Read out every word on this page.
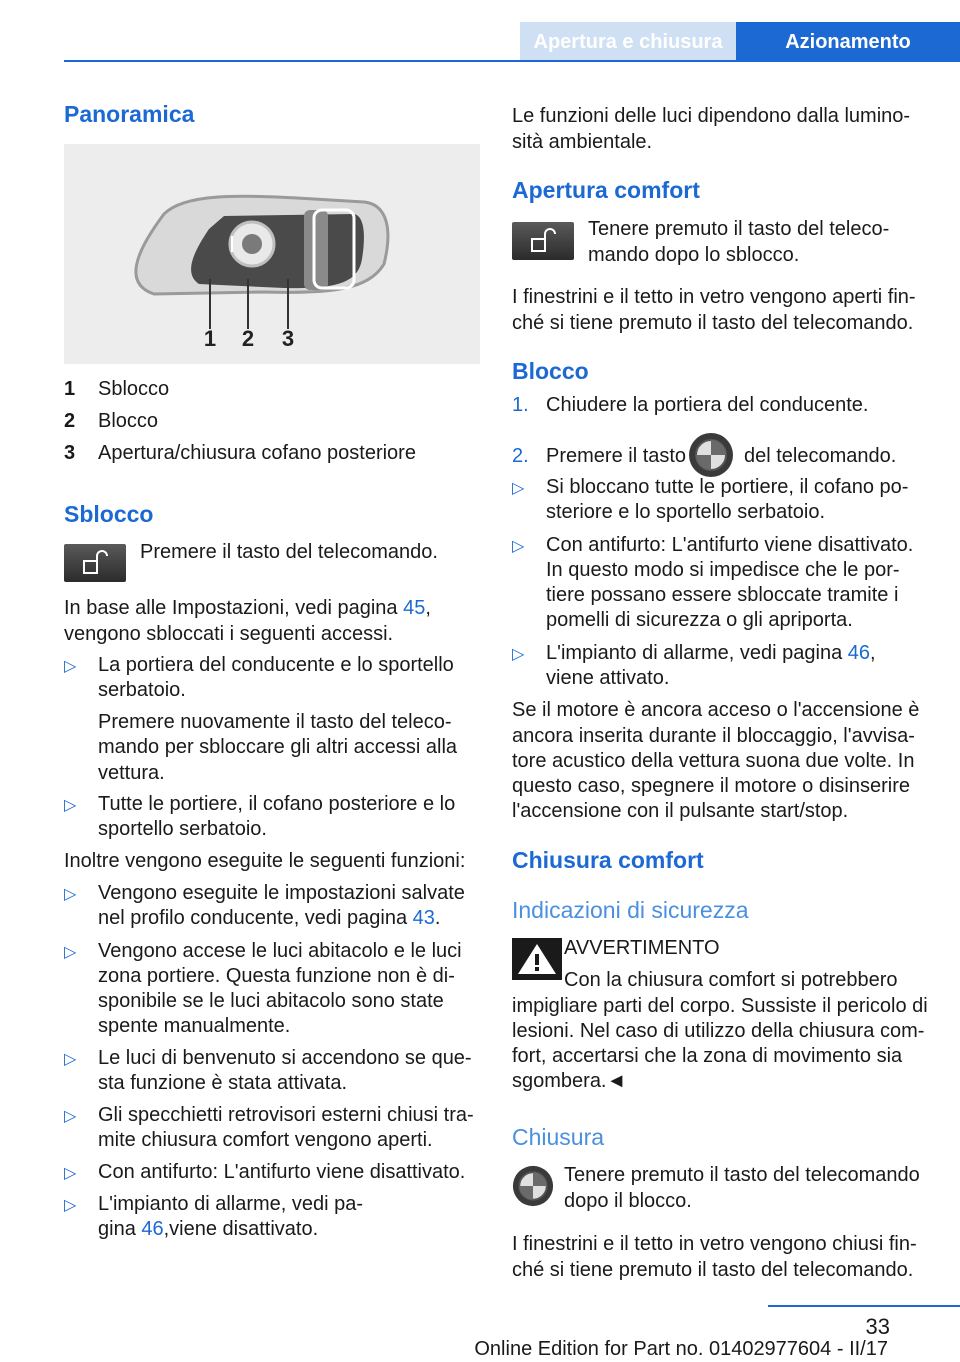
Apertura e chiusura	Azionamento
Panoramica
1 2 3
1 Sblocco
2 Blocco
3 Apertura/chiusura cofano posteriore
Sblocco
Premere il tasto del telecomando.
In base alle Impostazioni, vedi pagina 45,
vengono sbloccati i seguenti accessi.
▷ La portiera del conducente e lo sportello
serbatoio.
Premere nuovamente il tasto del teleco-
mando per sbloccare gli altri accessi alla
vettura.
▷ Tutte le portiere, il cofano posteriore e lo
sportello serbatoio.
Inoltre vengono eseguite le seguenti funzioni:
▷ Vengono eseguite le impostazioni salvate
nel profilo conducente, vedi pagina 43.
▷ Vengono accese le luci abitacolo e le luci
zona portiere. Questa funzione non è di-
sponibile se le luci abitacolo sono state
spente manualmente.
▷ Le luci di benvenuto si accendono se que-
sta funzione è stata attivata.
▷ Gli specchietti retrovisori esterni chiusi tra-
mite chiusura comfort vengono aperti.
▷ Con antifurto: L'antifurto viene disattivato.
▷ L'impianto di allarme, vedi pa-
gina 46,viene disattivato.
Le funzioni delle luci dipendono dalla lumino-
sità ambientale.
Apertura comfort
Tenere premuto il tasto del teleco-
mando dopo lo sblocco.
I finestrini e il tetto in vetro vengono aperti fin-
ché si tiene premuto il tasto del telecomando.
Blocco
1. Chiudere la portiera del conducente.
2. Premere il tasto	del telecomando.
▷ Si bloccano tutte le portiere, il cofano po-
steriore e lo sportello serbatoio.
▷ Con antifurto: L'antifurto viene disattivato.
In questo modo si impedisce che le por-
tiere possano essere sbloccate tramite i
pomelli di sicurezza o gli apriporta.
▷ L'impianto di allarme, vedi pagina 46,
viene attivato.
Se il motore è ancora acceso o l'accensione è
ancora inserita durante il bloccaggio, l'avvisa-
tore acustico della vettura suona due volte. In
questo caso, spegnere il motore o disinserire
l'accensione con il pulsante start/stop.
Chiusura comfort
Indicazioni di sicurezza
AVVERTIMENTO
Con la chiusura comfort si potrebbero
impigliare parti del corpo. Sussiste il pericolo di
lesioni. Nel caso di utilizzo della chiusura com-
fort, accertarsi che la zona di movimento sia
sgombera.◄
Chiusura
Tenere premuto il tasto del telecomando
dopo il blocco.
I finestrini e il tetto in vetro vengono chiusi fin-
ché si tiene premuto il tasto del telecomando.
33
Online Edition for Part no. 01402977604 - II/17
